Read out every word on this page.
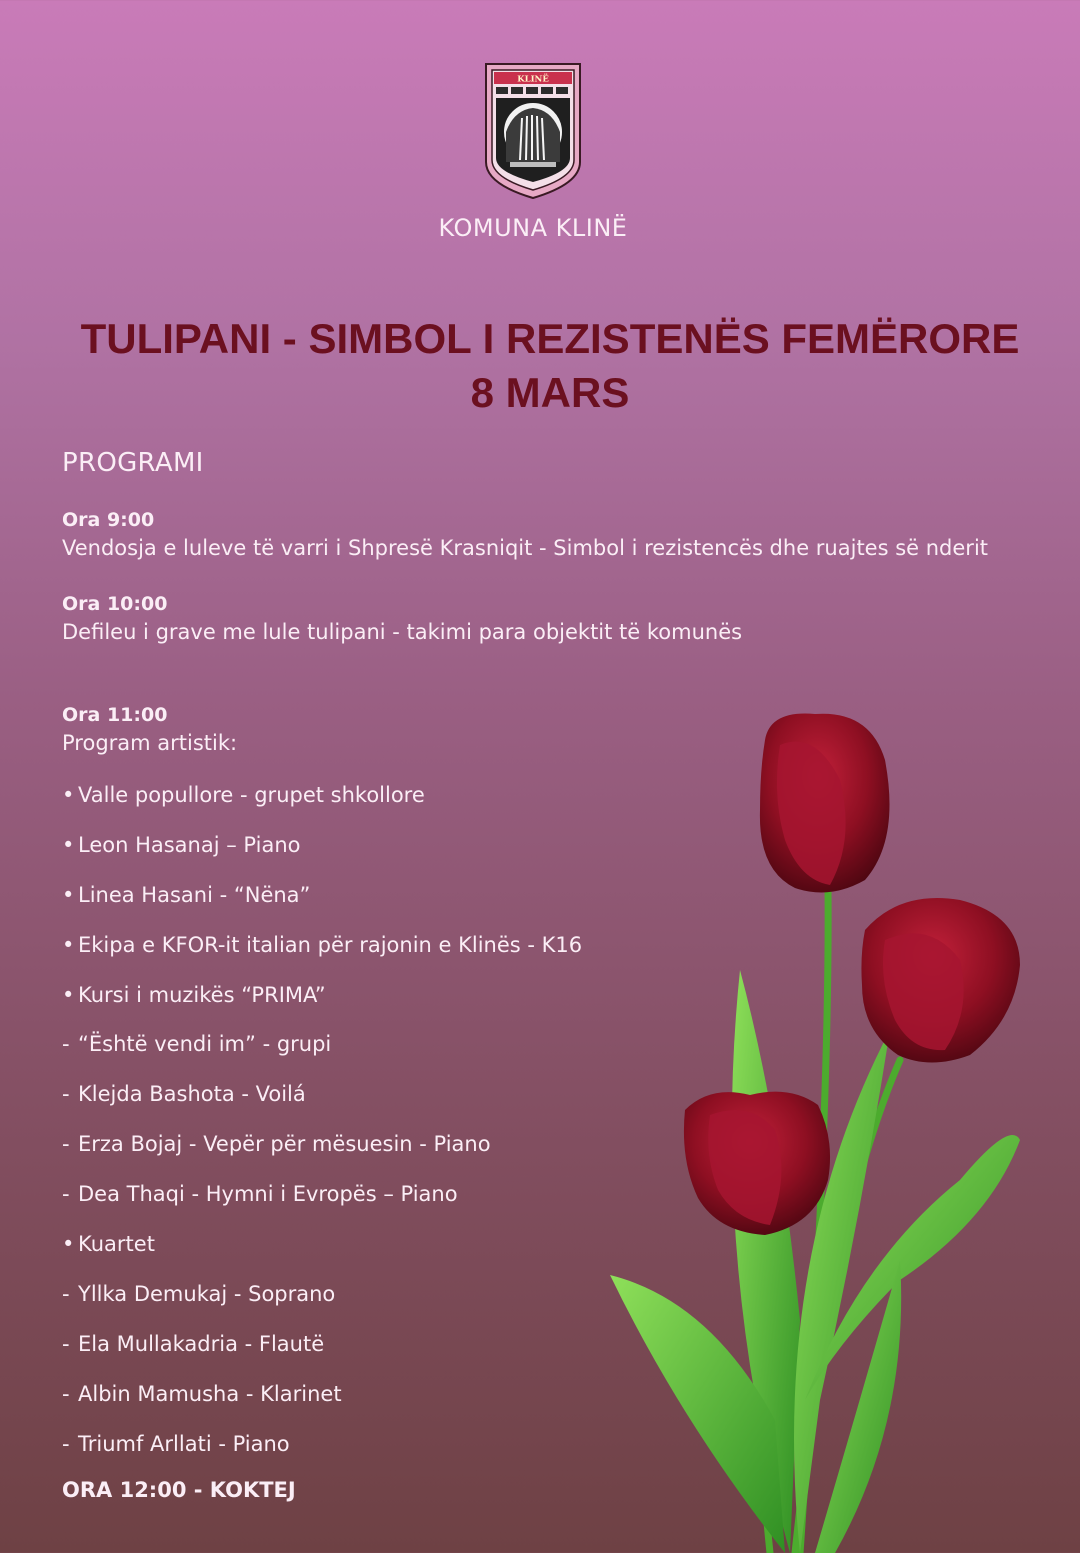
KLINË
KOMUNA KLINË
TULIPANI - SIMBOL I REZISTENËS FEMËRORE
8 MARS
PROGRAMI
Ora 9:00
Vendosja e luleve të varri i Shpresë Krasniqit - Simbol i rezistencës dhe ruajtes së nderit
Ora 10:00
Defileu i grave me lule tulipani - takimi para objektit të komunës
Ora 11:00
Program artistik:
• Valle popullore - grupet shkollore
• Leon Hasanaj – Piano
• Linea Hasani - “Nëna”
• Ekipa e KFOR-it italian për rajonin e Klinës - K16
• Kursi i muzikës “PRIMA”
- “Është vendi im” - grupi
- Klejda Bashota - Voilá
- Erza Bojaj - Vepër për mësuesin - Piano
- Dea Thaqi - Hymni i Evropës – Piano
• Kuartet
- Yllka Demukaj - Soprano
- Ela Mullakadria - Flautë
- Albin Mamusha - Klarinet
- Triumf Arllati - Piano
ORA 12:00 - KOKTEJ
